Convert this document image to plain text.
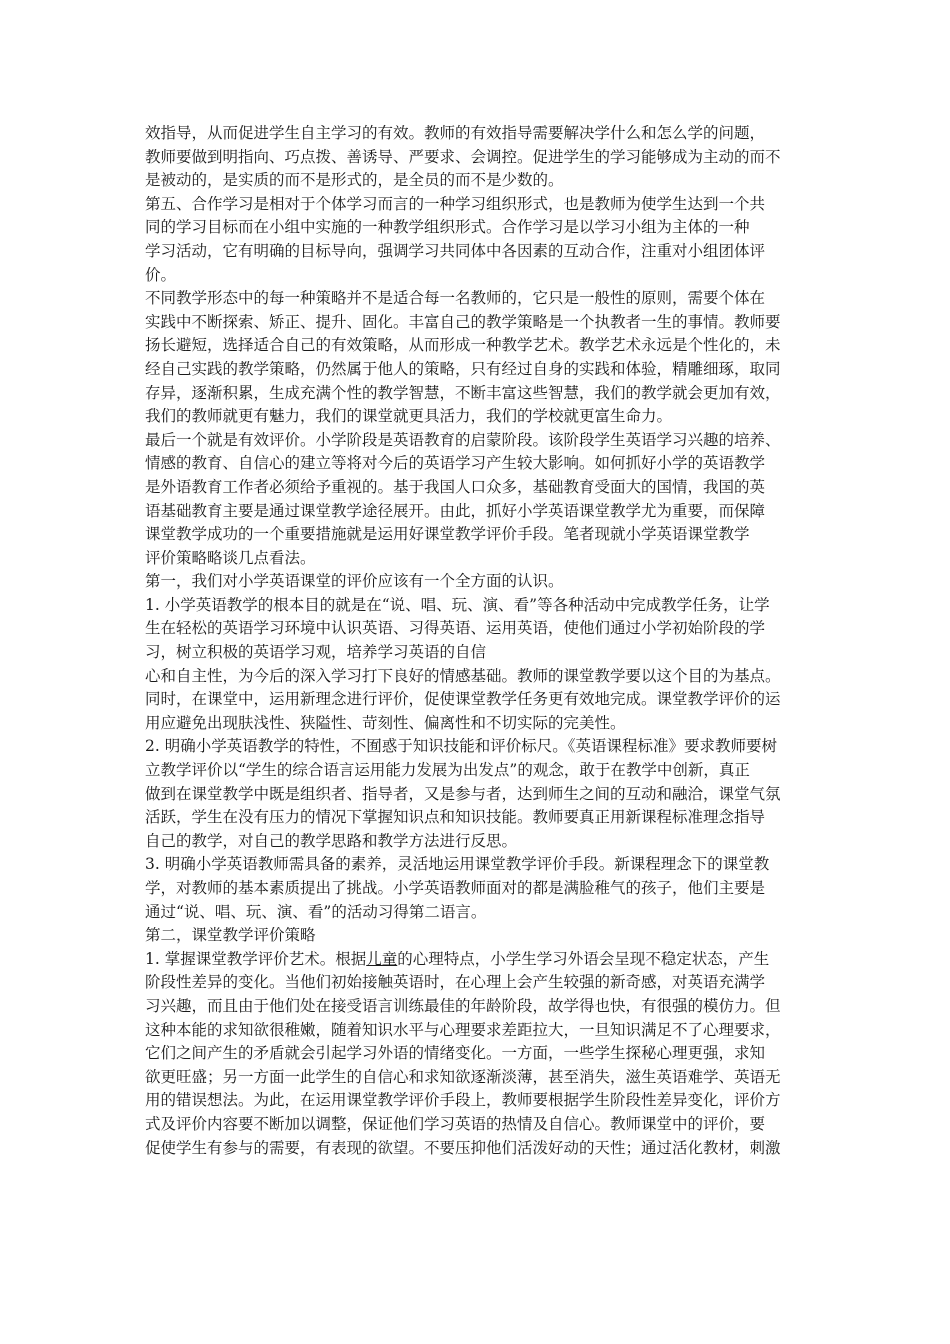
效指导，从而促进学生自主学习的有效。教师的有效指导需要解决学什么和怎么学的问题，
教师要做到明指向、巧点拨、善诱导、严要求、会调控。促进学生的学习能够成为主动的而不
是被动的，是实质的而不是形式的，是全员的而不是少数的。
第五、合作学习是相对于个体学习而言的一种学习组织形式，也是教师为使学生达到一个共
同的学习目标而在小组中实施的一种教学组织形式。合作学习是以学习小组为主体的一种
学习活动，它有明确的目标导向，强调学习共同体中各因素的互动合作，注重对小组团体评
价。
不同教学形态中的每一种策略并不是适合每一名教师的，它只是一般性的原则，需要个体在
实践中不断探索、矫正、提升、固化。丰富自己的教学策略是一个执教者一生的事情。教师要
扬长避短，选择适合自己的有效策略，从而形成一种教学艺术。教学艺术永远是个性化的，未
经自己实践的教学策略，仍然属于他人的策略，只有经过自身的实践和体验，精雕细琢，取同
存异，逐渐积累，生成充满个性的教学智慧，不断丰富这些智慧，我们的教学就会更加有效，
我们的教师就更有魅力，我们的课堂就更具活力，我们的学校就更富生命力。
最后一个就是有效评价。小学阶段是英语教育的启蒙阶段。该阶段学生英语学习兴趣的培养、
情感的教育、自信心的建立等将对今后的英语学习产生较大影响。如何抓好小学的英语教学
是外语教育工作者必须给予重视的。基于我国人口众多，基础教育受面大的国情，我国的英
语基础教育主要是通过课堂教学途径展开。由此，抓好小学英语课堂教学尤为重要，而保障
课堂教学成功的一个重要措施就是运用好课堂教学评价手段。笔者现就小学英语课堂教学
评价策略略谈几点看法。
第一，我们对小学英语课堂的评价应该有一个全方面的认识。
1. 小学英语教学的根本目的就是在“说、唱、玩、演、看”等各种活动中完成教学任务，让学
生在轻松的英语学习环境中认识英语、习得英语、运用英语，使他们通过小学初始阶段的学
习，树立积极的英语学习观，培养学习英语的自信
心和自主性，为今后的深入学习打下良好的情感基础。教师的课堂教学要以这个目的为基点。
同时，在课堂中，运用新理念进行评价，促使课堂教学任务更有效地完成。课堂教学评价的运
用应避免出现肤浅性、狭隘性、苛刻性、偏离性和不切实际的完美性。
2. 明确小学英语教学的特性，不囿惑于知识技能和评价标尺。《英语课程标准》要求教师要树
立教学评价以“学生的综合语言运用能力发展为出发点”的观念，敢于在教学中创新，真正
做到在课堂教学中既是组织者、指导者，又是参与者，达到师生之间的互动和融洽，课堂气氛
活跃，学生在没有压力的情况下掌握知识点和知识技能。教师要真正用新课程标准理念指导
自己的教学，对自己的教学思路和教学方法进行反思。
3. 明确小学英语教师需具备的素养，灵活地运用课堂教学评价手段。新课程理念下的课堂教
学，对教师的基本素质提出了挑战。小学英语教师面对的都是满脸稚气的孩子，他们主要是
通过“说、唱、玩、演、看”的活动习得第二语言。
第二，课堂教学评价策略
1. 掌握课堂教学评价艺术。根据儿童的心理特点，小学生学习外语会呈现不稳定状态，产生
阶段性差异的变化。当他们初始接触英语时，在心理上会产生较强的新奇感，对英语充满学
习兴趣，而且由于他们处在接受语言训练最佳的年龄阶段，故学得也快，有很强的模仿力。但
这种本能的求知欲很稚嫩，随着知识水平与心理要求差距拉大，一旦知识满足不了心理要求，
它们之间产生的矛盾就会引起学习外语的情绪变化。一方面，一些学生探秘心理更强，求知
欲更旺盛；另一方面一此学生的自信心和求知欲逐渐淡薄，甚至消失，滋生英语难学、英语无
用的错误想法。为此，在运用课堂教学评价手段上，教师要根据学生阶段性差异变化，评价方
式及评价内容要不断加以调整，保证他们学习英语的热情及自信心。教师课堂中的评价，要
促使学生有参与的需要，有表现的欲望。不要压抑他们活泼好动的天性；通过活化教材，刺激
